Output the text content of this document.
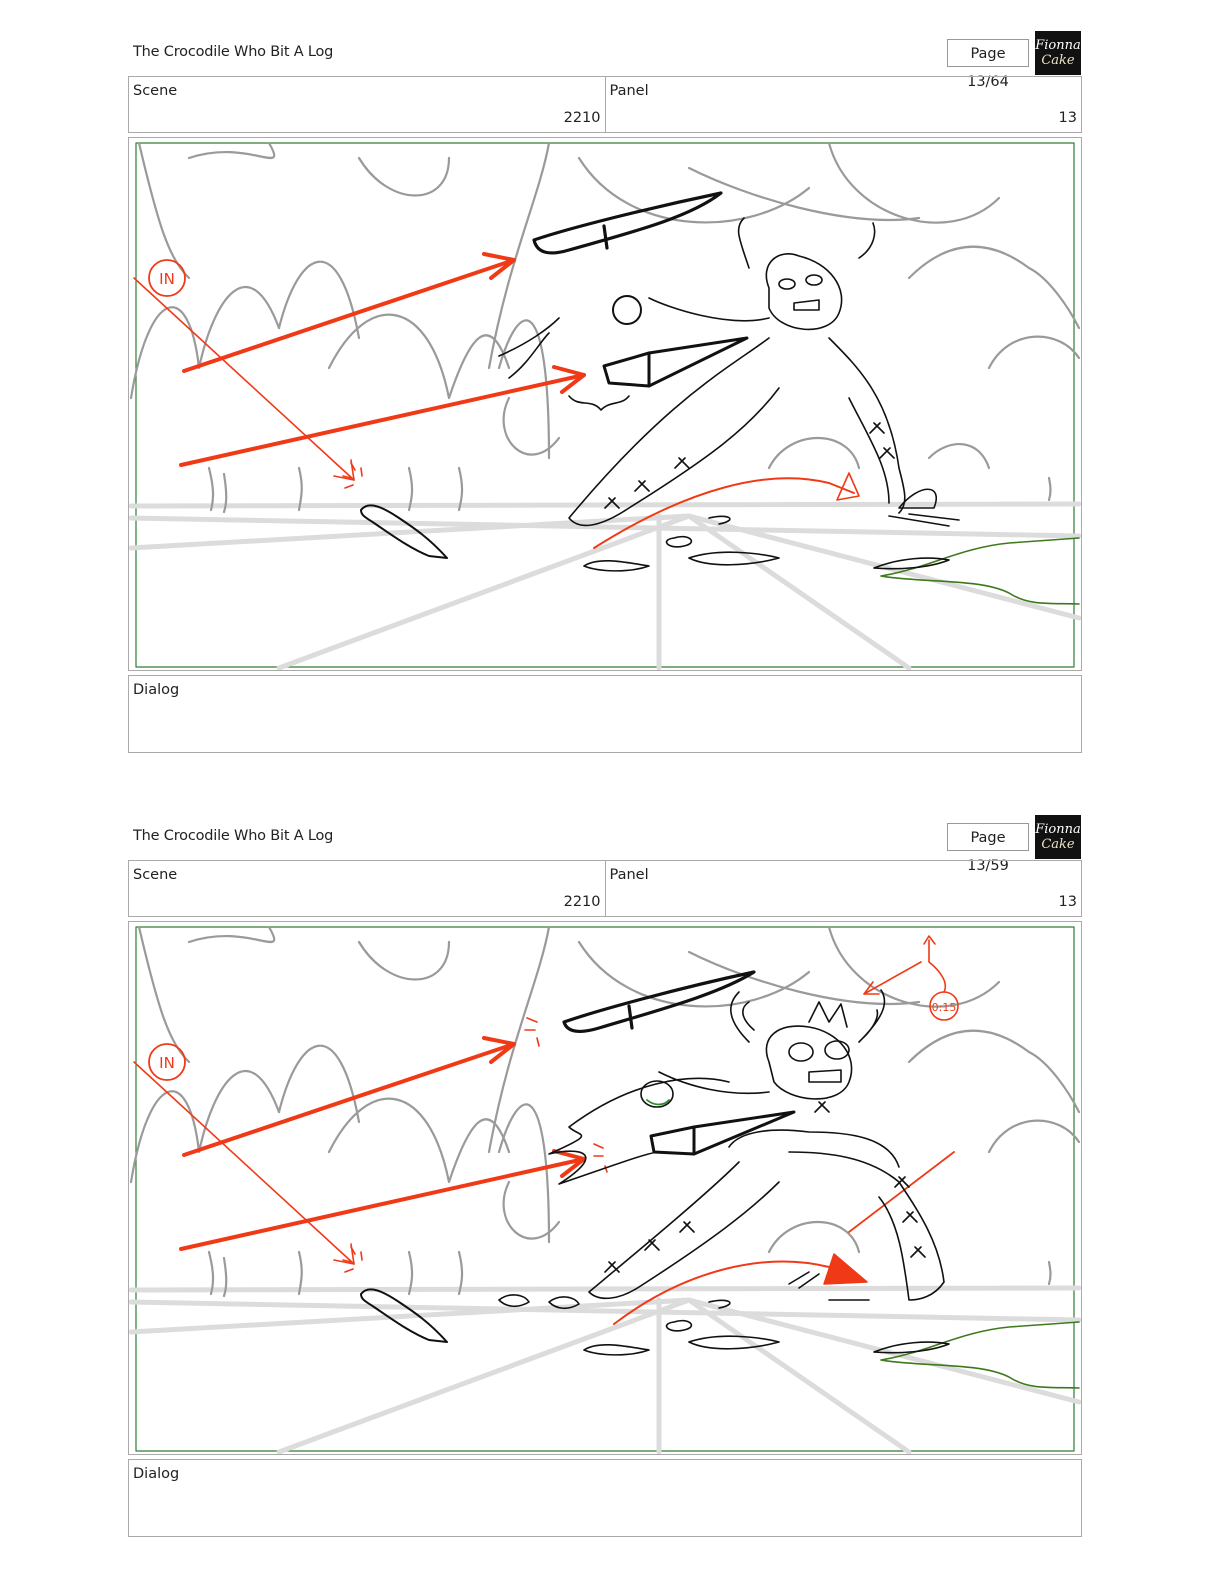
The Crocodile Who Bit A Log	Page 13/64
Fionna
Cake
Scene
2210
Panel
13
IN
Dialog
The Crocodile Who Bit A Log	Page 13/59
Fionna
Cake
Scene
2210
Panel
13
IN
0:15
Dialog
